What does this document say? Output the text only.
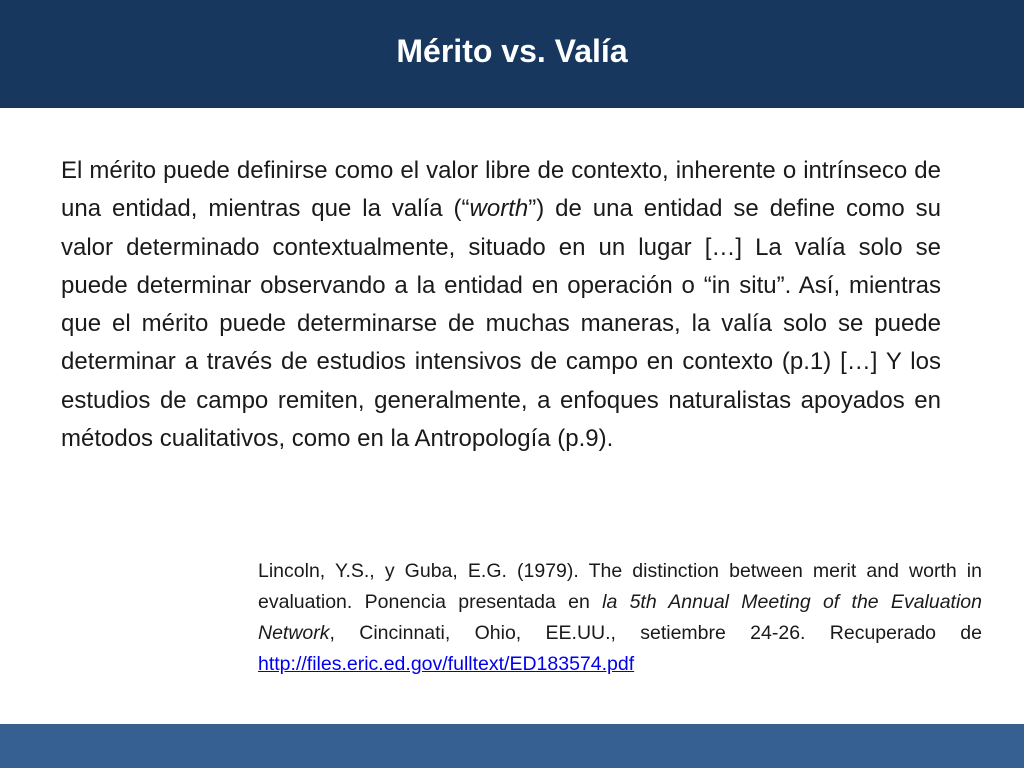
Mérito vs. Valía

El mérito puede definirse como el valor libre de contexto, inherente o intrínseco de una entidad, mientras que la valía (“worth”) de una entidad se define como su valor determinado contextualmente, situado en un lugar […] La valía solo se puede determinar observando a la entidad en operación o “in situ”. Así, mientras que el mérito puede determinarse de muchas maneras, la valía solo se puede determinar a través de estudios intensivos de campo en contexto (p.1) […] Y los estudios de campo remiten, generalmente, a enfoques naturalistas apoyados en métodos cualitativos, como en la Antropología (p.9).

Lincoln, Y.S., y Guba, E.G. (1979). The distinction between merit and worth in evaluation. Ponencia presentada en la 5th Annual Meeting of the Evaluation Network, Cincinnati, Ohio, EE.UU., setiembre 24-26. Recuperado de http://files.eric.ed.gov/fulltext/ED183574.pdf
